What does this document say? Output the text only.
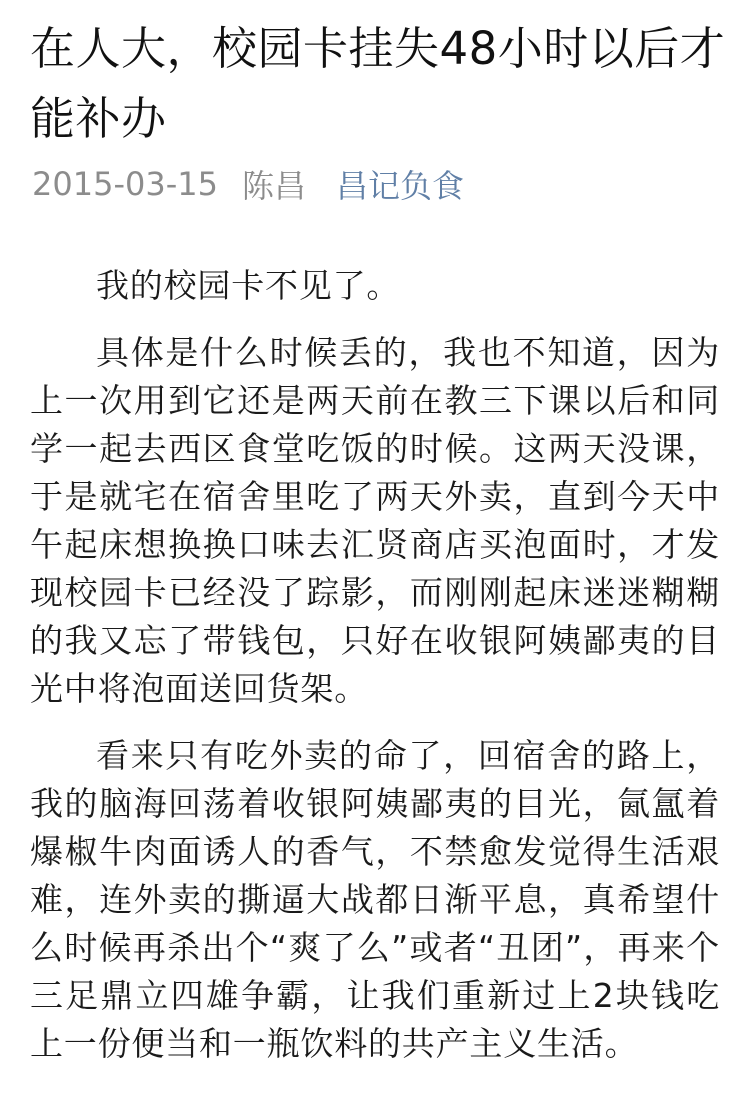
在人大，校园卡挂失48小时以后才能补办
2015-03-15 陈昌 昌记负食

我的校园卡不见了。

具体是什么时候丢的，我也不知道，因为上一次用到它还是两天前在教三下课以后和同学一起去西区食堂吃饭的时候。这两天没课，于是就宅在宿舍里吃了两天外卖，直到今天中午起床想换换口味去汇贤商店买泡面时，才发现校园卡已经没了踪影，而刚刚起床迷迷糊糊的我又忘了带钱包，只好在收银阿姨鄙夷的目光中将泡面送回货架。

看来只有吃外卖的命了，回宿舍的路上，我的脑海回荡着收银阿姨鄙夷的目光，氤氲着爆椒牛肉面诱人的香气，不禁愈发觉得生活艰难，连外卖的撕逼大战都日渐平息，真希望什么时候再杀出个“爽了么”或者“丑团”，再来个三足鼎立四雄争霸，让我们重新过上2块钱吃上一份便当和一瓶饮料的共产主义生活。
